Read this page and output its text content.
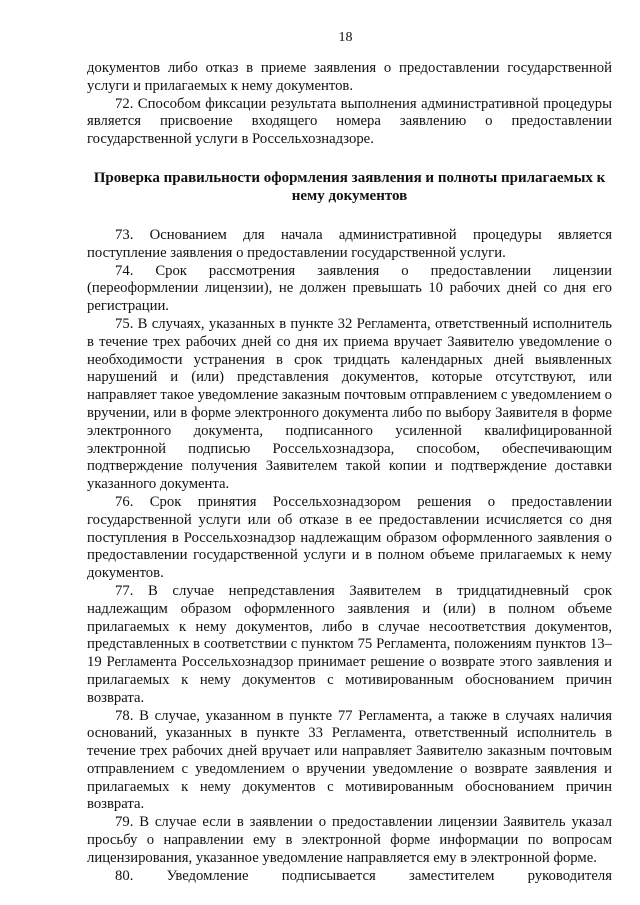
18

документов либо отказ в приеме заявления о предоставлении государственной услуги и прилагаемых к нему документов.

72. Способом фиксации результата выполнения административной процедуры является присвоение входящего номера заявлению о предоставлении государственной услуги в Россельхознадзоре.

Проверка правильности оформления заявления и полноты прилагаемых к нему документов

73. Основанием для начала административной процедуры является поступление заявления о предоставлении государственной услуги.

74. Срок рассмотрения заявления о предоставлении лицензии (переоформлении лицензии), не должен превышать 10 рабочих дней со дня его регистрации.

75. В случаях, указанных в пункте 32 Регламента, ответственный исполнитель в течение трех рабочих дней со дня их приема вручает Заявителю уведомление о необходимости устранения в срок тридцать календарных дней выявленных нарушений и (или) представления документов, которые отсутствуют, или направляет такое уведомление заказным почтовым отправлением с уведомлением о вручении, или в форме электронного документа либо по выбору Заявителя в форме электронного документа, подписанного усиленной квалифицированной электронной подписью Россельхознадзора, способом, обеспечивающим подтверждение получения Заявителем такой копии и подтверждение доставки указанного документа.

76. Срок принятия Россельхознадзором решения о предоставлении государственной услуги или об отказе в ее предоставлении исчисляется со дня поступления в Россельхознадзор надлежащим образом оформленного заявления о предоставлении государственной услуги и в полном объеме прилагаемых к нему документов.

77. В случае непредставления Заявителем в тридцатидневный срок надлежащим образом оформленного заявления и (или) в полном объеме прилагаемых к нему документов, либо в случае несоответствия документов, представленных в соответствии с пунктом 75 Регламента, положениям пунктов 13–19 Регламента Россельхознадзор принимает решение о возврате этого заявления и прилагаемых к нему документов с мотивированным обоснованием причин возврата.

78. В случае, указанном в пункте 77 Регламента, а также в случаях наличия оснований, указанных в пункте 33 Регламента, ответственный исполнитель в течение трех рабочих дней вручает или направляет Заявителю заказным почтовым отправлением с уведомлением о вручении уведомление о возврате заявления и прилагаемых к нему документов с мотивированным обоснованием причин возврата.

79. В случае если в заявлении о предоставлении лицензии Заявитель указал просьбу о направлении ему в электронной форме информации по вопросам лицензирования, указанное уведомление направляется ему в электронной форме.

80. Уведомление подписывается заместителем руководителя
